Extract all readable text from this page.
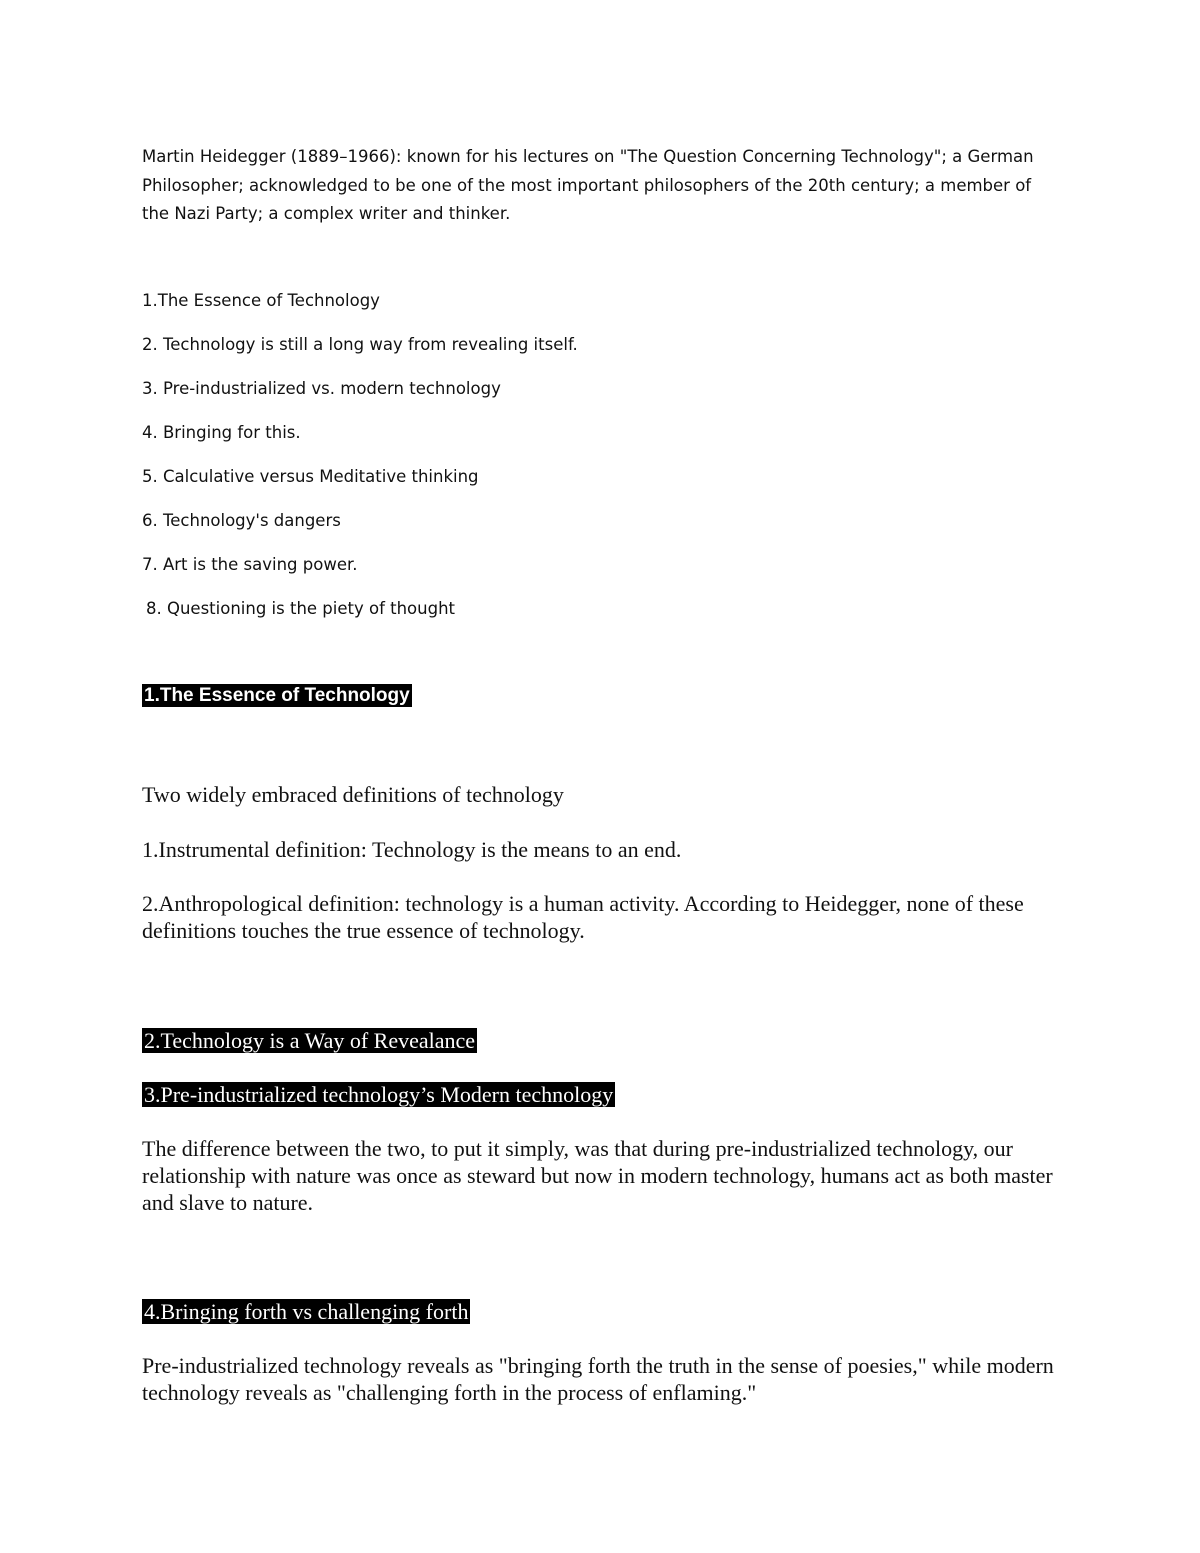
Martin Heidegger (1889–1966): known for his lectures on "The Question Concerning Technology"; a German Philosopher; acknowledged to be one of the most important philosophers of the 20th century; a member of the Nazi Party; a complex writer and thinker.

1.The Essence of Technology
2. Technology is still a long way from revealing itself.
3. Pre-industrialized vs. modern technology
4. Bringing for this.
5. Calculative versus Meditative thinking
6. Technology's dangers
7. Art is the saving power.
8. Questioning is the piety of thought
1.The Essence of Technology

Two widely embraced definitions of technology

1.Instrumental definition: Technology is the means to an end.

2.Anthropological definition: technology is a human activity. According to Heidegger, none of these definitions touches the true essence of technology.

2.Technology is a Way of Revealance
3.Pre-industrialized technology’s Modern technology

The difference between the two, to put it simply, was that during pre-industrialized technology, our relationship with nature was once as steward but now in modern technology, humans act as both master and slave to nature.

4.Bringing forth vs challenging forth

Pre-industrialized technology reveals as "bringing forth the truth in the sense of poesies," while modern technology reveals as "challenging forth in the process of enflaming."
